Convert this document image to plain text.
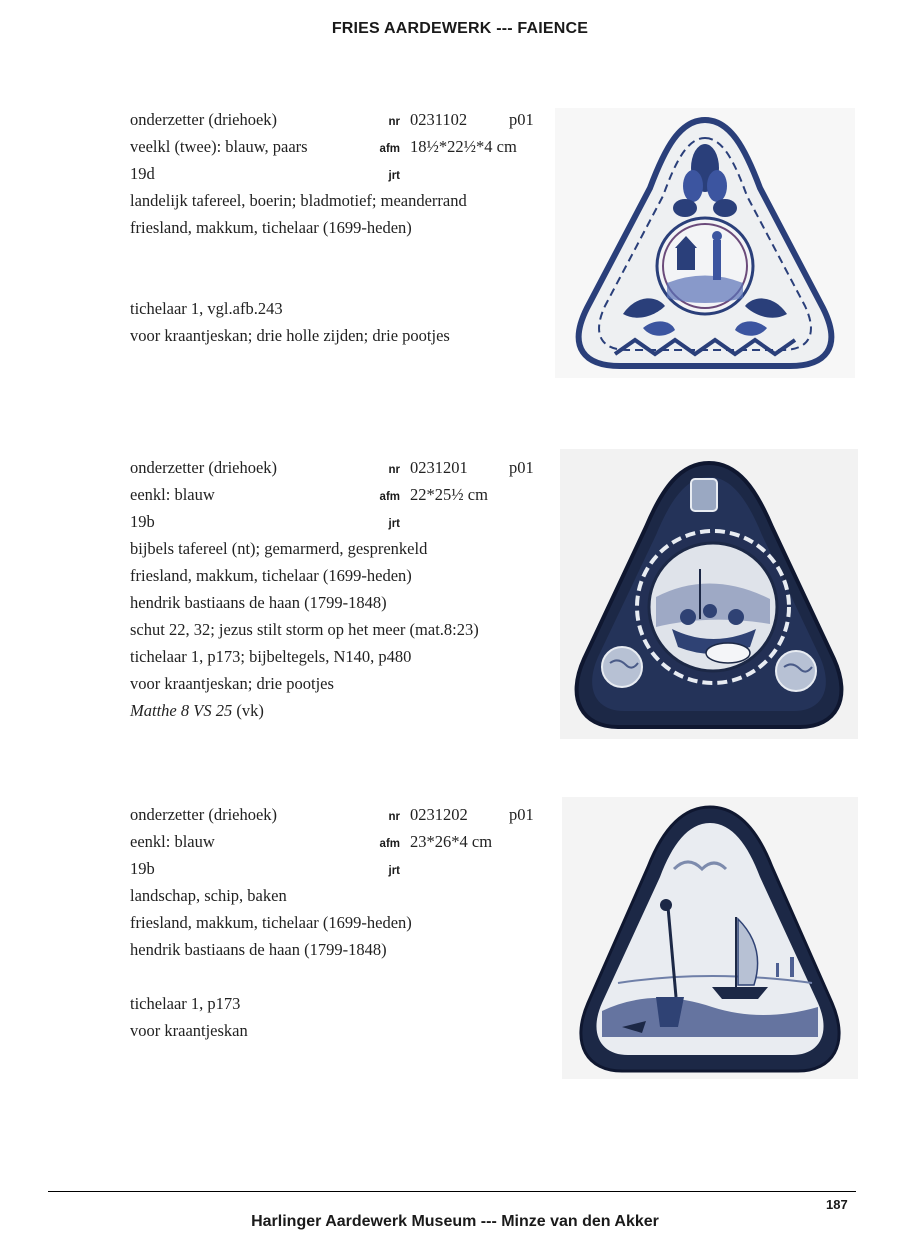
FRIES AARDEWERK --- FAIENCE
onderzetter (driehoek)	nr 0231102	p01
veelkl (twee): blauw, paars	afm 18½*22½*4 cm
19d	jrt
landelijk tafereel, boerin; bladmotief; meanderrand
friesland, makkum, tichelaar (1699-heden)
tichelaar 1, vgl.afb.243
voor kraantjeskan; drie holle zijden; drie pootjes
onderzetter (driehoek)	nr 0231201	p01
eenkl: blauw	afm 22*25½ cm
19b	jrt
bijbels tafereel (nt); gemarmerd, gesprenkeld
friesland, makkum, tichelaar (1699-heden)
hendrik bastiaans de haan (1799-1848)
schut 22, 32; jezus stilt storm op het meer (mat.8:23)
tichelaar 1, p173; bijbeltegels, N140, p480
voor kraantjeskan; drie pootjes
Matthe 8 VS 25 (vk)
onderzetter (driehoek)	nr 0231202	p01
eenkl: blauw	afm 23*26*4 cm
19b	jrt
landschap, schip, baken
friesland, makkum, tichelaar (1699-heden)
hendrik bastiaans de haan (1799-1848)
tichelaar 1, p173
voor kraantjeskan
187
Harlinger Aardewerk Museum --- Minze van den Akker
